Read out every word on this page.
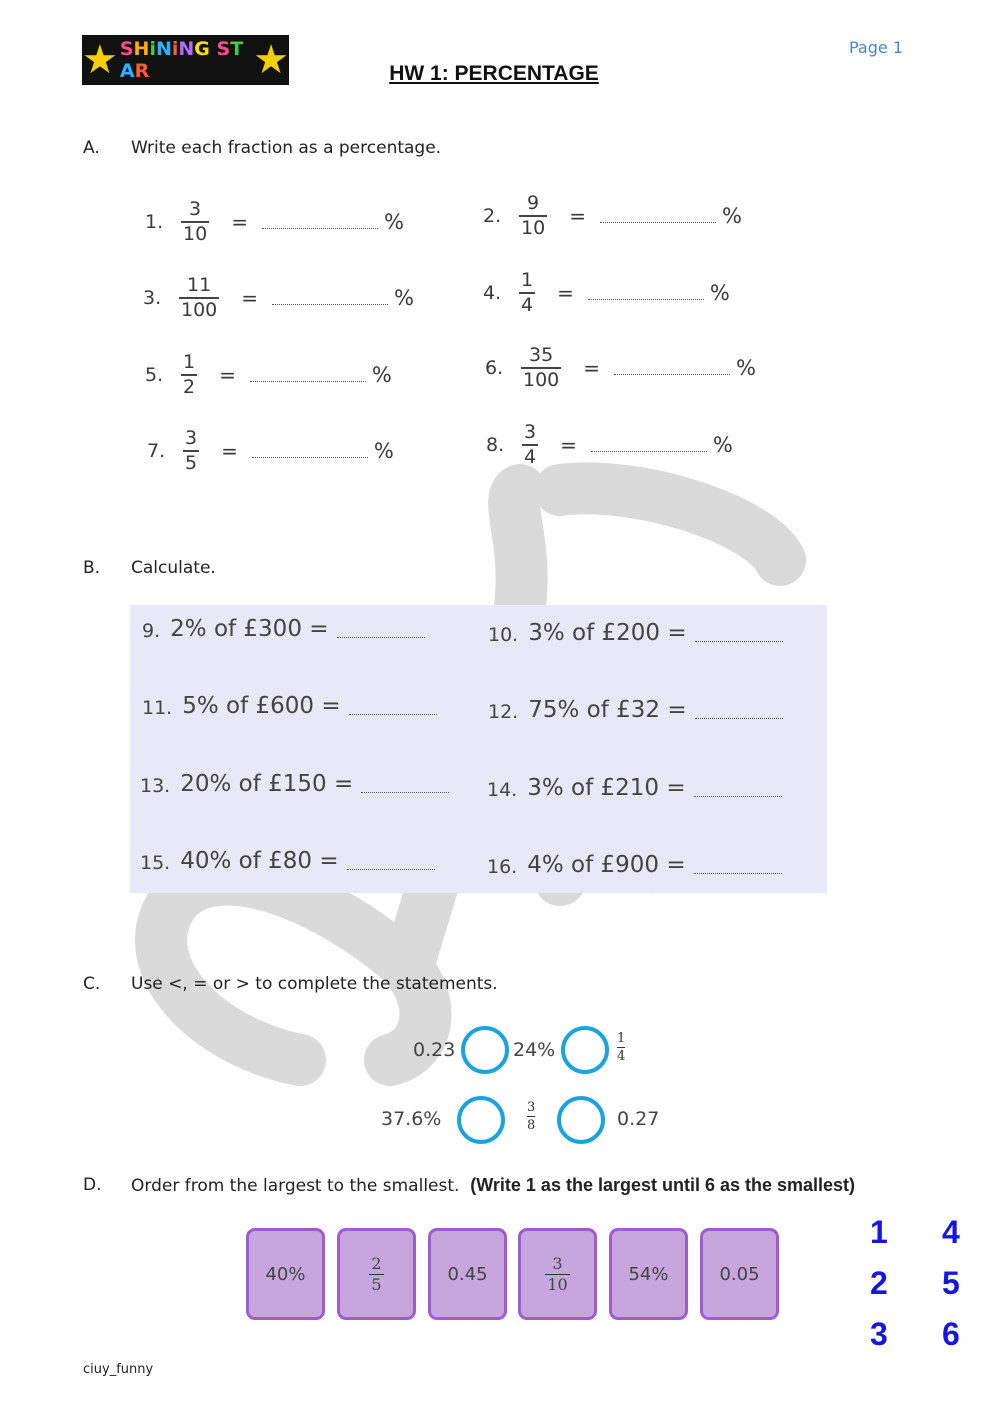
★ SHiNiNG STAR	★	Page 1
HW 1: PERCENTAGE
A. Write each fraction as a percentage.
1. $\frac{3}{10}$ =	%	2. $\frac{9}{10}$ =	%
3. $\frac{11}{100}$ =	%	4. $\frac{1}{4}$ =	%
5. $\frac{1}{2}$ =	%	6. $\frac{35}{100}$ =	%
7. $\frac{3}{5}$ =	%	8. $\frac{3}{4}$ =	%
B. Calculate.
9. 2% of £300 =	10. 3% of £200 =
11. 5% of £600 =	12. 75% of £32 =
13. 20% of £150 =	14. 3% of £210 =
15. 40% of £80 =	16. 4% of £900 =
C. Use <, = or > to complete the statements.
0.23	24%	$\frac{1}{4}$
37.6%	$\frac{3}{8}$	0.27
D. Order from the largest to the smallest. (Write 1 as the largest until 6 as the smallest)
40%	$\frac{2}{5}$	0.45	$\frac{3}{10}$	54%	0.05
1
2
3
4
5
6
ciuy_funny
